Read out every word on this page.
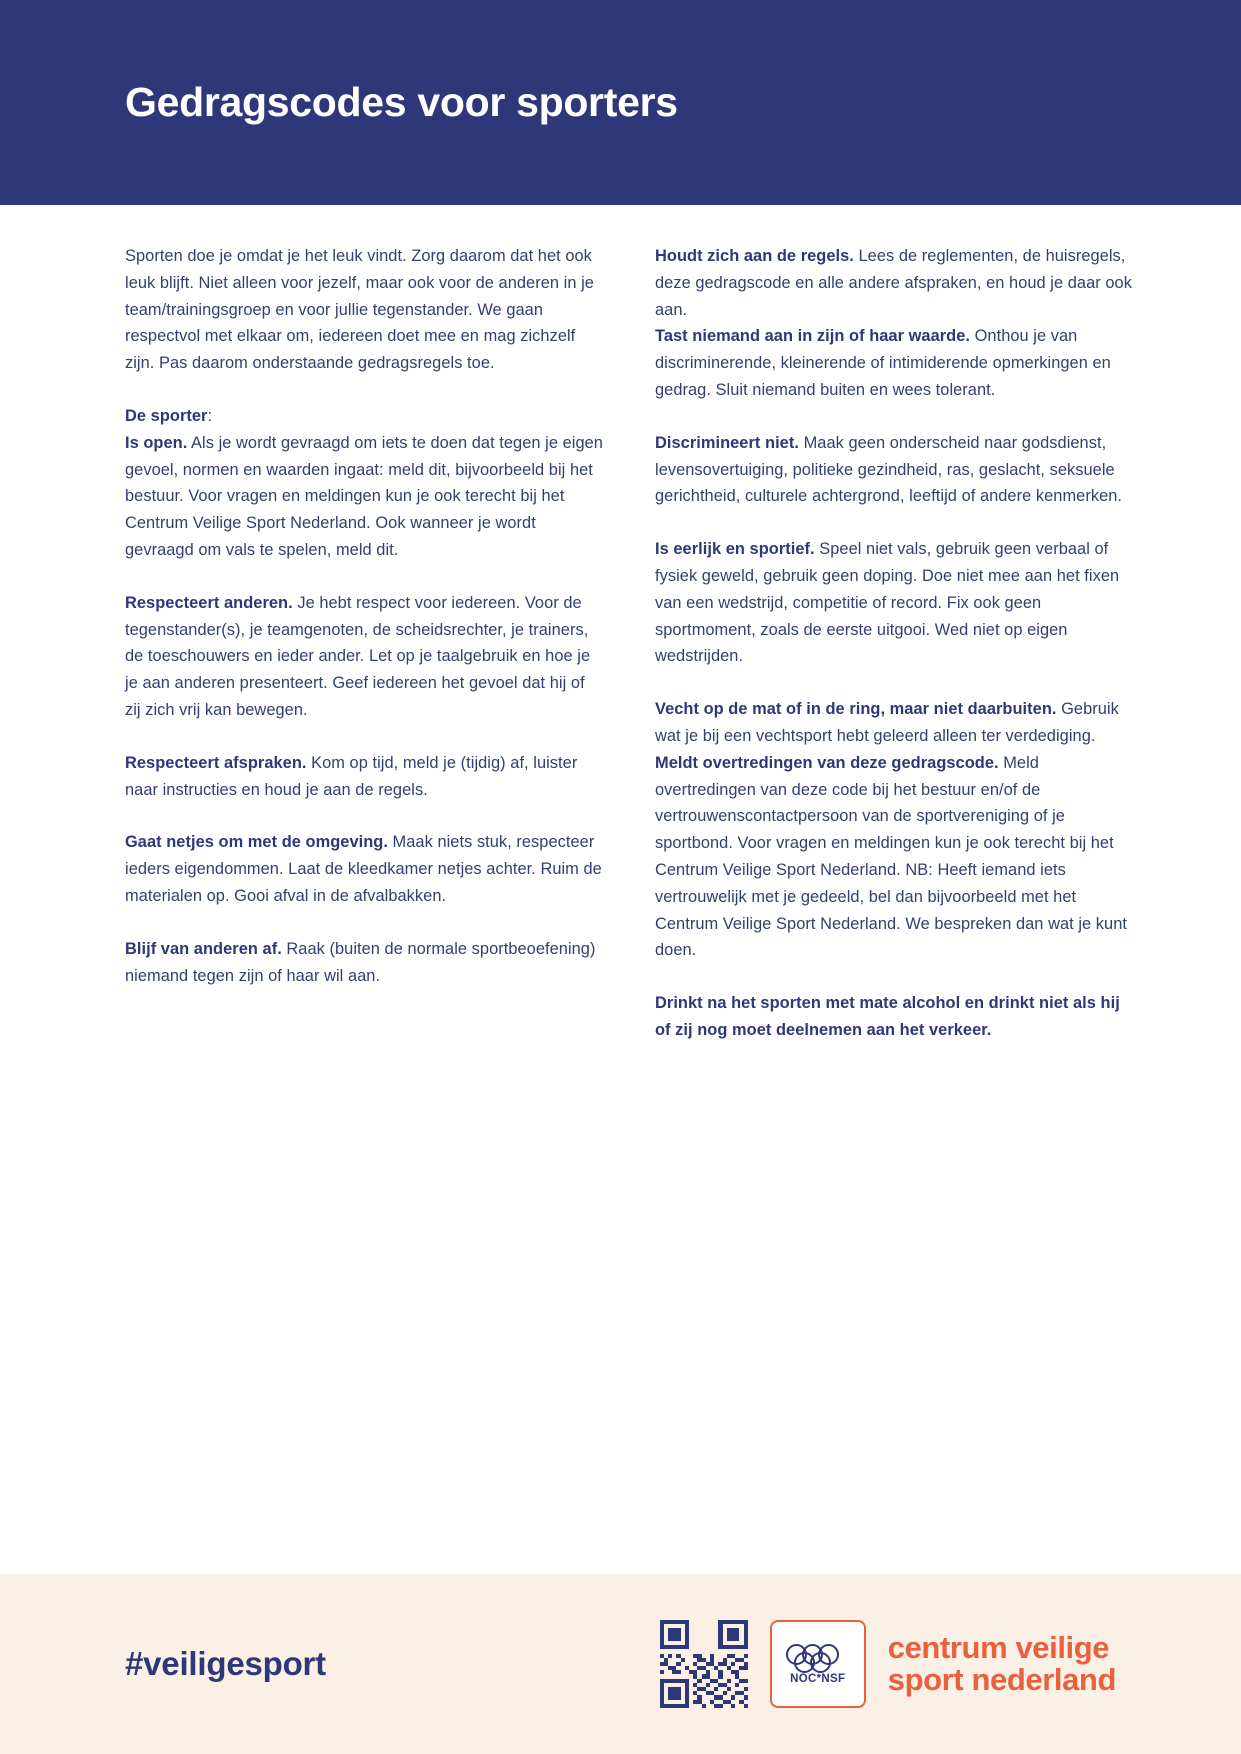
Gedragscodes voor sporters

Sporten doe je omdat je het leuk vindt. Zorg daarom dat het ook leuk blijft. Niet alleen voor jezelf, maar ook voor de anderen in je team/trainingsgroep en voor jullie tegenstander. We gaan respectvol met elkaar om, iedereen doet mee en mag zichzelf zijn. Pas daarom onderstaande gedragsregels toe.

De sporter:

Is open. Als je wordt gevraagd om iets te doen dat tegen je eigen gevoel, normen en waarden ingaat: meld dit, bijvoorbeeld bij het bestuur. Voor vragen en meldingen kun je ook terecht bij het Centrum Veilige Sport Nederland. Ook wanneer je wordt gevraagd om vals te spelen, meld dit.

Respecteert anderen. Je hebt respect voor iedereen. Voor de tegenstander(s), je teamgenoten, de scheidsrechter, je trainers, de toeschouwers en ieder ander. Let op je taalgebruik en hoe je je aan anderen presenteert. Geef iedereen het gevoel dat hij of zij zich vrij kan bewegen.

Respecteert afspraken. Kom op tijd, meld je (tijdig) af, luister naar instructies en houd je aan de regels.

Gaat netjes om met de omgeving. Maak niets stuk, respecteer ieders eigendommen. Laat de kleedkamer netjes achter. Ruim de materialen op. Gooi afval in de afvalbakken.

Blijf van anderen af. Raak (buiten de normale sportbeoefening) niemand tegen zijn of haar wil aan.

Houdt zich aan de regels. Lees de reglementen, de huisregels, deze gedragscode en alle andere afspraken, en houd je daar ook aan.

Tast niemand aan in zijn of haar waarde. Onthou je van discriminerende, kleinerende of intimiderende opmerkingen en gedrag. Sluit niemand buiten en wees tolerant.

Discrimineert niet. Maak geen onderscheid naar godsdienst, levensovertuiging, politieke gezindheid, ras, geslacht, seksuele gerichtheid, culturele achtergrond, leeftijd of andere kenmerken.

Is eerlijk en sportief. Speel niet vals, gebruik geen verbaal of fysiek geweld, gebruik geen doping. Doe niet mee aan het fixen van een wedstrijd, competitie of record. Fix ook geen sportmoment, zoals de eerste uitgooi. Wed niet op eigen wedstrijden.

Vecht op de mat of in de ring, maar niet daarbuiten. Gebruik wat je bij een vechtsport hebt geleerd alleen ter verdediging.

Meldt overtredingen van deze gedragscode. Meld overtredingen van deze code bij het bestuur en/of de vertrouwenscontactpersoon van de sportvereniging of je sportbond. Voor vragen en meldingen kun je ook terecht bij het Centrum Veilige Sport Nederland. NB: Heeft iemand iets vertrouwelijk met je gedeeld, bel dan bijvoorbeeld met het Centrum Veilige Sport Nederland. We bespreken dan wat je kunt doen.

Drinkt na het sporten met mate alcohol en drinkt niet als hij of zij nog moet deelnemen aan het verkeer.

#veiligesport	NOC*NSF
centrum veilige
sport nederland
